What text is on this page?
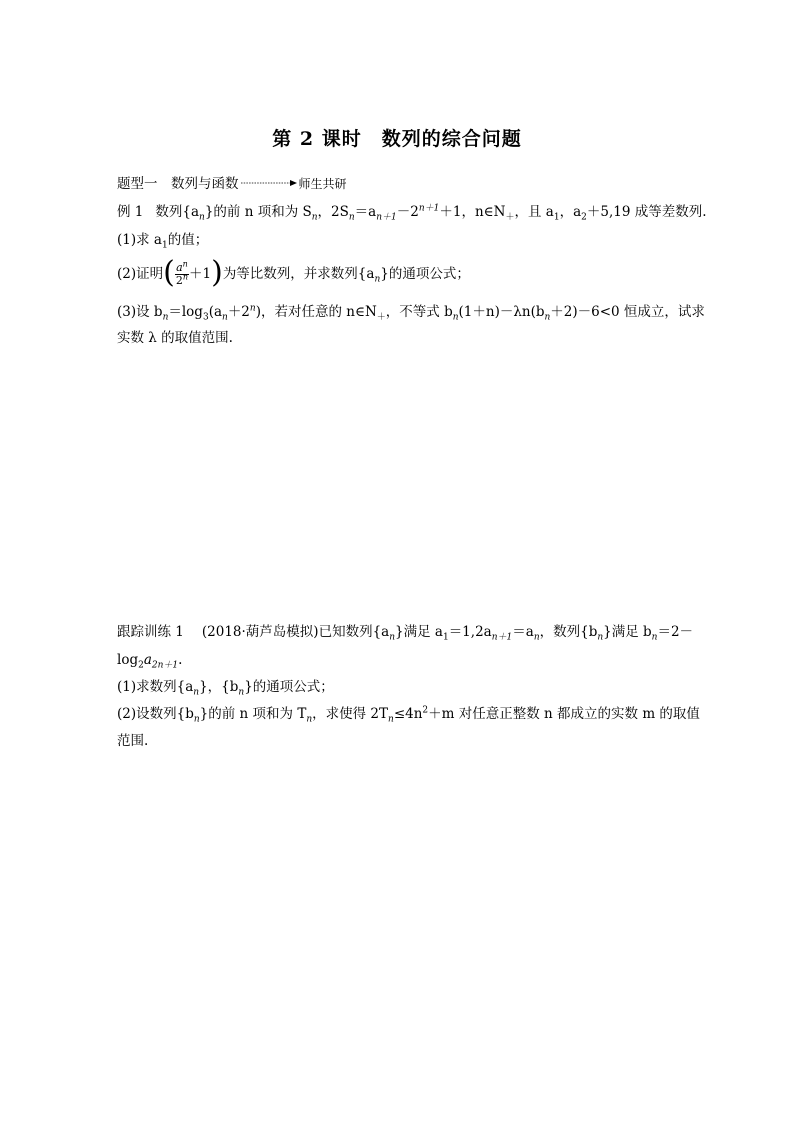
第 2 课时　数列的综合问题
题型一　数列与函数	师生共研
例 1 数列$\{a_n\}$的前 n 项和为 $S_n$，$2S_n=a_{n+1}-2^{n+1}+1$，$n\in N_+$，且 $a_1$，$a_2+5,19$ 成等差数列.
(1)求 $a_1$的值；
(2)证明( $\frac{a^n}{2^n} +1$)为等比数列，并求数列$\{a_n\}$的通项公式；
(3)设 $b_n=\log_3(a_n+2^n)$，若对任意的 $n\in N_+$，不等式 $b_n(1+n)-\lambda n(b_n+2)-6<0$ 恒成立，试求
实数 λ 的取值范围.
跟踪训练 1 (2018·葫芦岛模拟)已知数列$\{a_n\}$满足 $a_1=1,2a_{n+1}=a_n$，数列$\{b_n\}$满足 $b_n=2-$
$\log_2a_{2n+1}$.
(1)求数列$\{a_n\}$，$\{b_n\}$的通项公式；
(2)设数列$\{b_n\}$的前 n 项和为 $T_n$，求使得 $2T_n\le 4n^2+m$ 对任意正整数 n 都成立的实数 m 的取值
范围.
